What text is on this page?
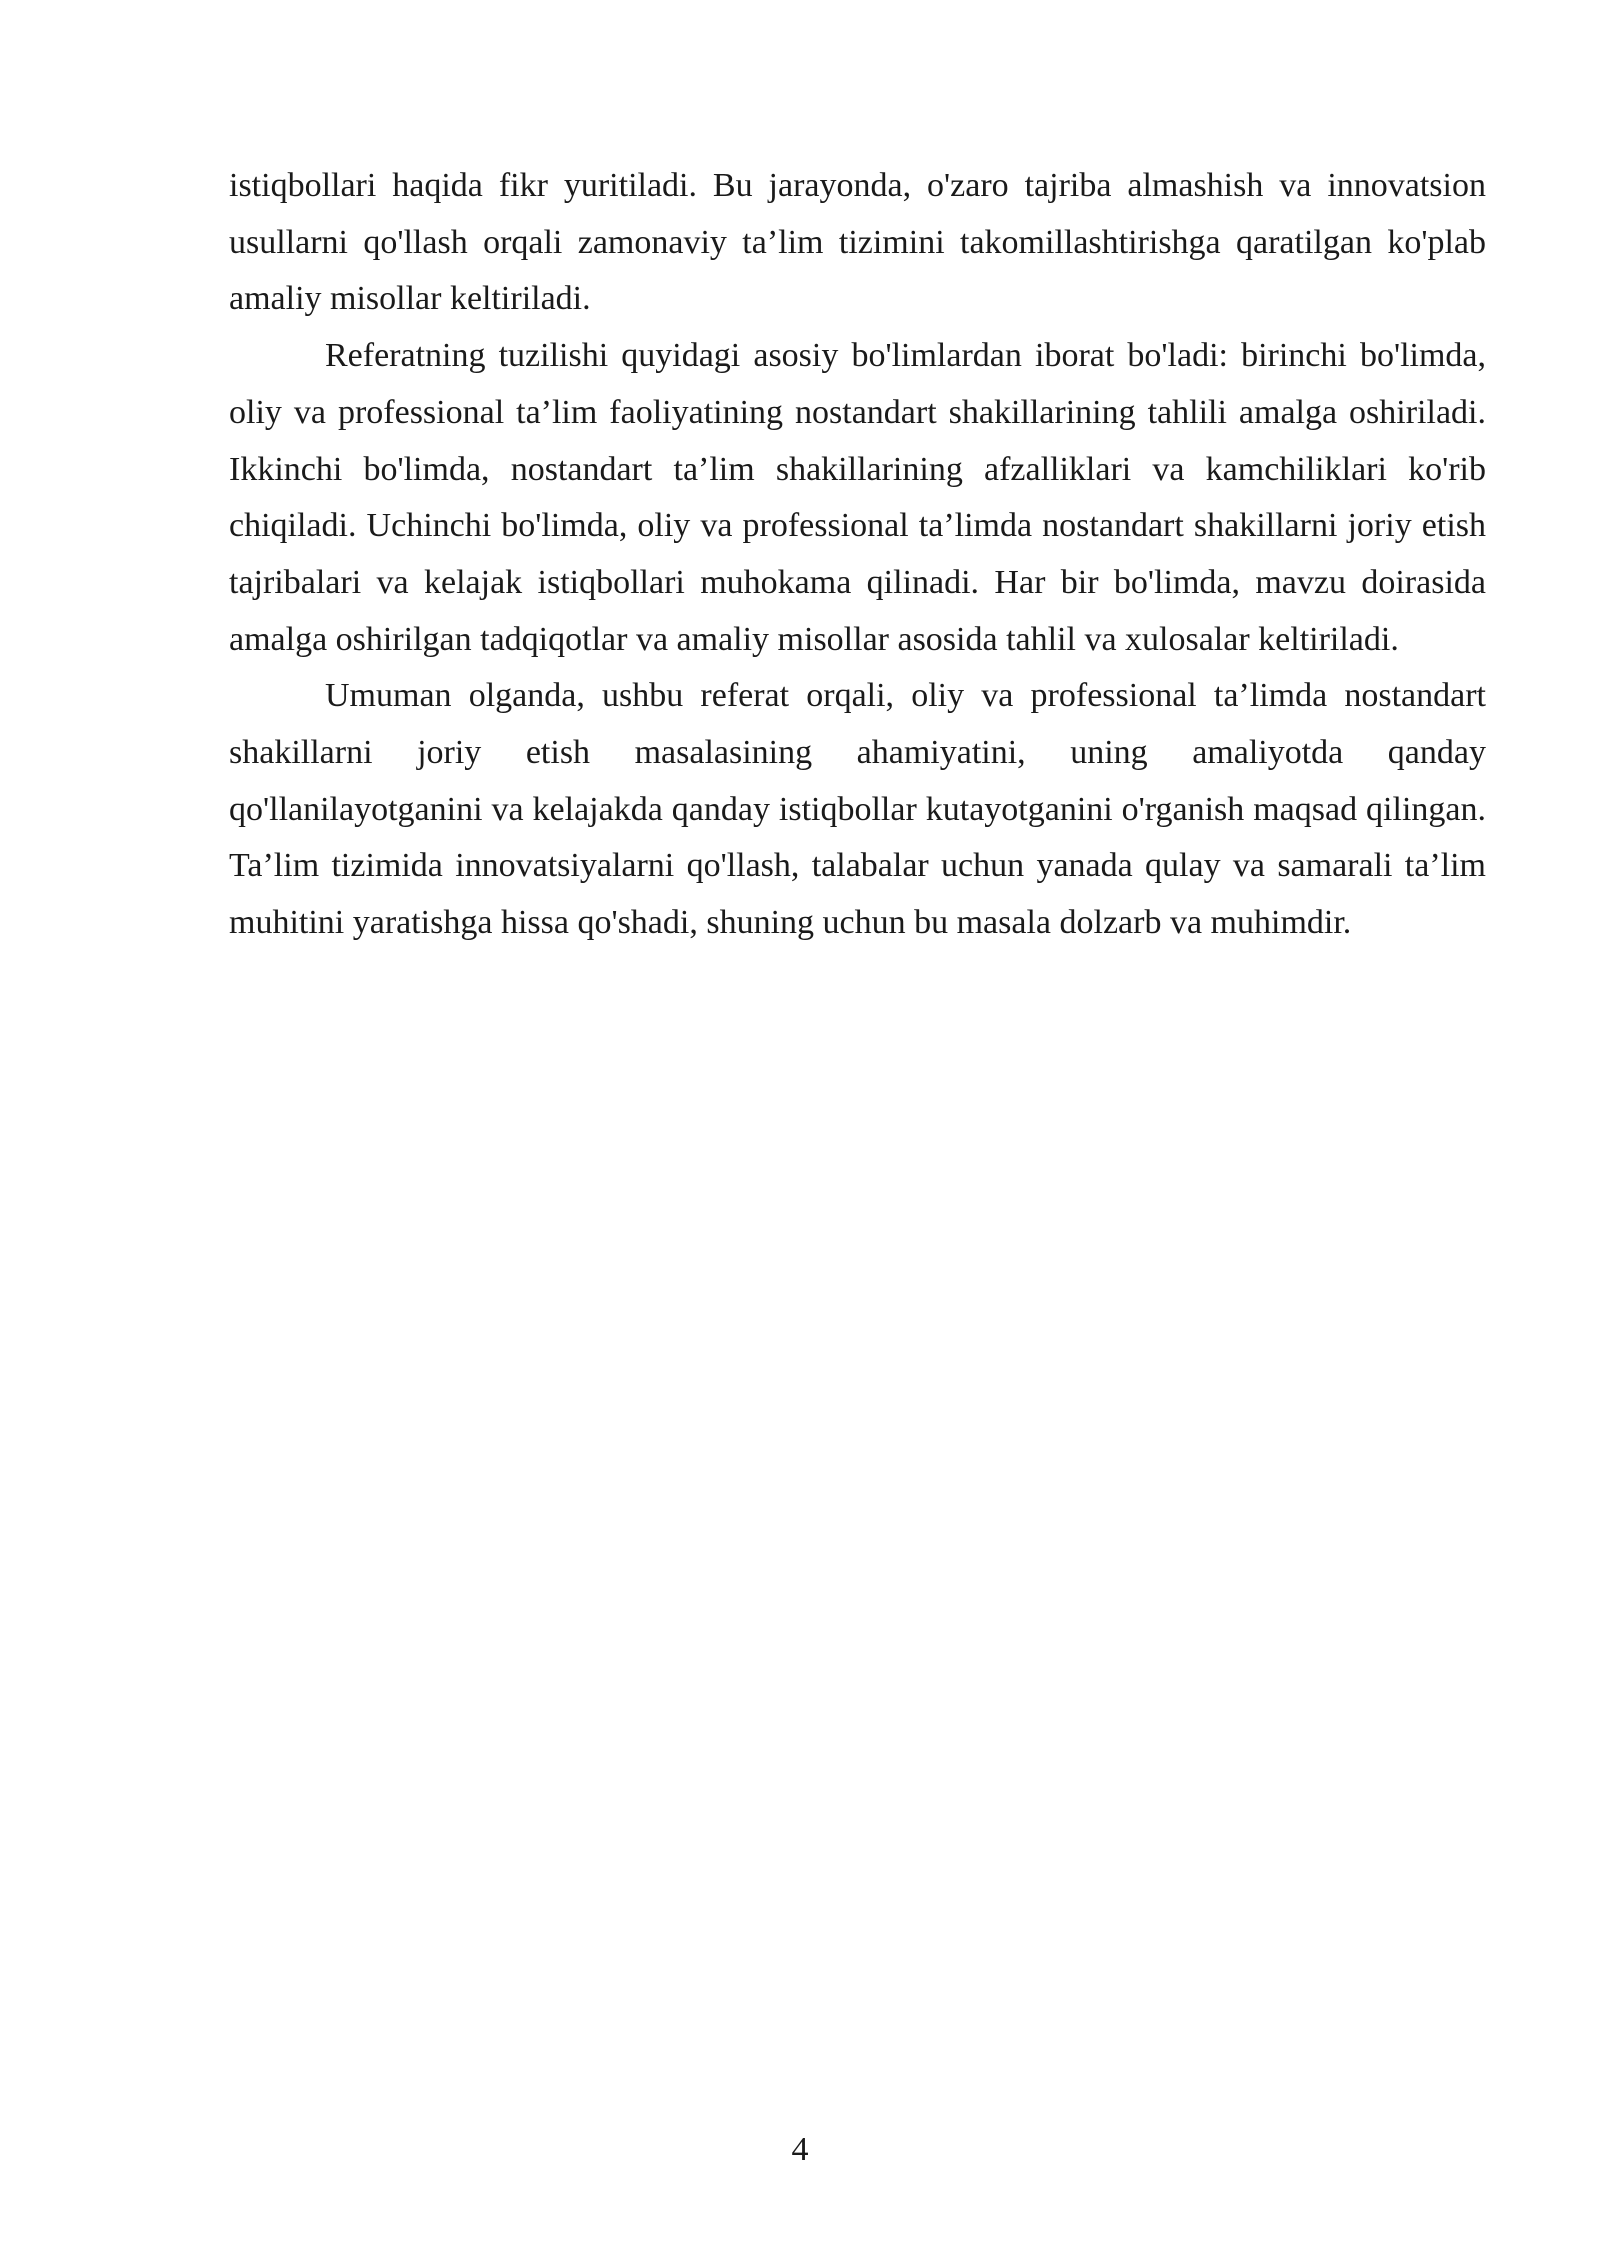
istiqbollari haqida fikr yuritiladi. Bu jarayonda, o'zaro tajriba almashish va innovatsion usullarni qo'llash orqali zamonaviy ta’lim tizimini takomillashtirishga qaratilgan ko'plab amaliy misollar keltiriladi.

Referatning tuzilishi quyidagi asosiy bo'limlardan iborat bo'ladi: birinchi bo'limda, oliy va professional ta’lim faoliyatining nostandart shakillarining tahlili amalga oshiriladi. Ikkinchi bo'limda, nostandart ta’lim shakillarining afzalliklari va kamchiliklari ko'rib chiqiladi. Uchinchi bo'limda, oliy va professional ta’limda nostandart shakillarni joriy etish tajribalari va kelajak istiqbollari muhokama qilinadi. Har bir bo'limda, mavzu doirasida amalga oshirilgan tadqiqotlar va amaliy misollar asosida tahlil va xulosalar keltiriladi.

Umuman olganda, ushbu referat orqali, oliy va professional ta’limda nostandart shakillarni joriy etish masalasining ahamiyatini, uning amaliyotda qanday qo'llanilayotganini va kelajakda qanday istiqbollar kutayotganini o'rganish maqsad qilingan. Ta’lim tizimida innovatsiyalarni qo'llash, talabalar uchun yanada qulay va samarali ta’lim muhitini yaratishga hissa qo'shadi, shuning uchun bu masala dolzarb va muhimdir.

4
